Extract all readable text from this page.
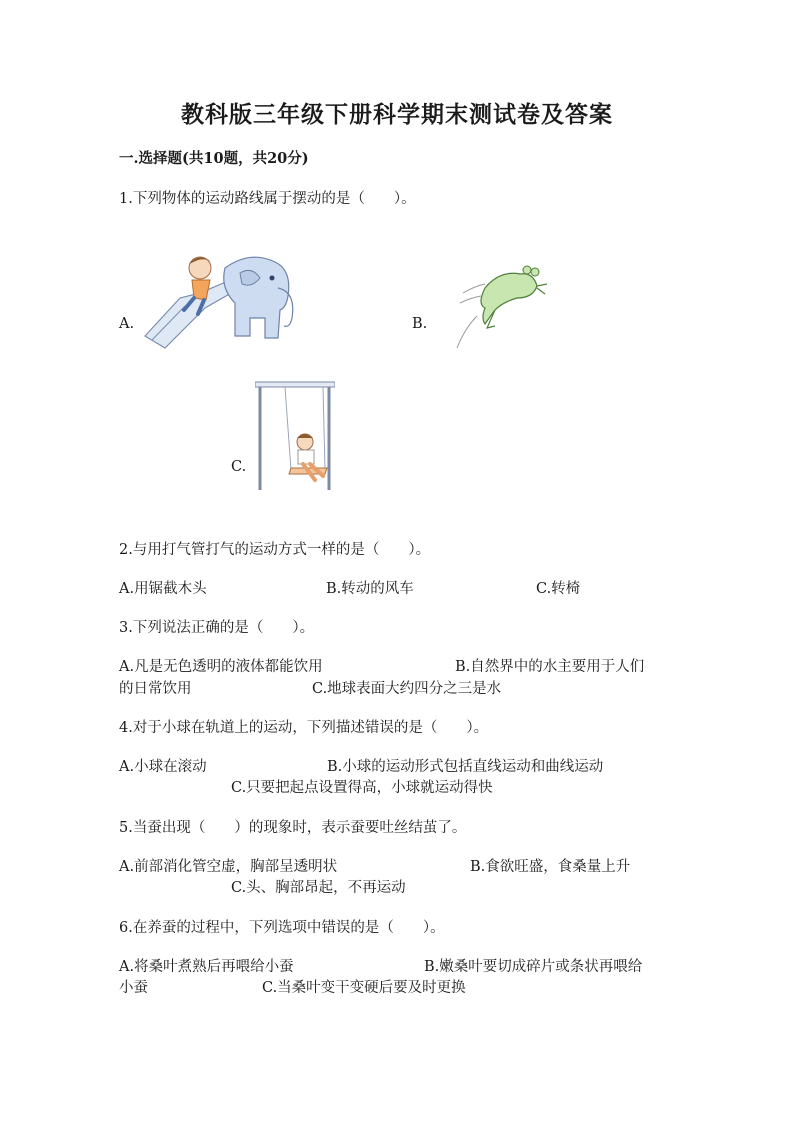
教科版三年级下册科学期末测试卷及答案
一.选择题(共10题，共20分)
1.下列物体的运动路线属于摆动的是（　　）。
A.	B.
C.
2.与用打气管打气的运动方式一样的是（　　）。
A.用锯截木头	B.转动的风车	C.转椅
3.下列说法正确的是（　　）。
A.凡是无色透明的液体都能饮用	B.自然界中的水主要用于人们
的日常饮用	C.地球表面大约四分之三是水
4.对于小球在轨道上的运动，下列描述错误的是（　　）。
A.小球在滚动	B.小球的运动形式包括直线运动和曲线运动
C.只要把起点设置得高，小球就运动得快
5.当蚕出现（　　）的现象时，表示蚕要吐丝结茧了。
A.前部消化管空虚，胸部呈透明状	B.食欲旺盛，食桑量上升
C.头、胸部昂起，不再运动
6.在养蚕的过程中，下列选项中错误的是（　　）。
A.将桑叶煮熟后再喂给小蚕	B.嫩桑叶要切成碎片或条状再喂给
小蚕	C.当桑叶变干变硬后要及时更换
